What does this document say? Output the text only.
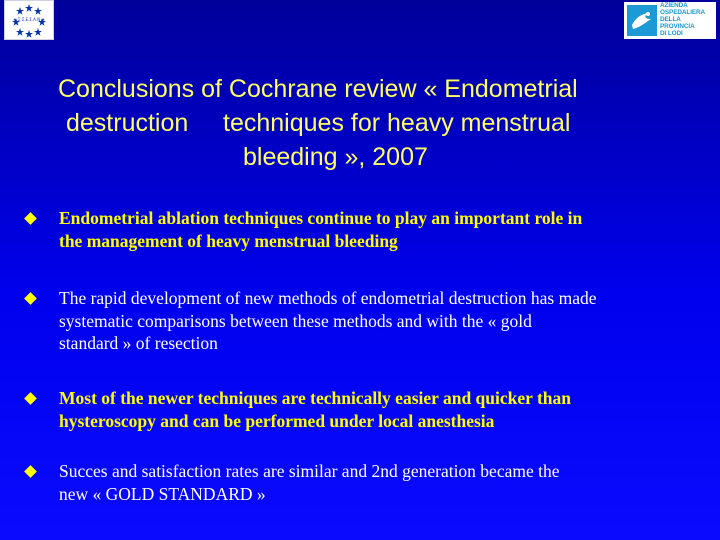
★ Σ.Σ.Ε.Σ.Α.Ν ★
AZIENDA
OSPEDALIERA
DELLA
PROVINCIA
DI LODI
Conclusions of Cochrane review « Endometrial
destruction     techniques for heavy menstrual
bleeding », 2007
Endometrial ablation techniques continue to play an important role in
the management of heavy menstrual bleeding
The rapid development of new methods of endometrial destruction has made
systematic comparisons between these methods and with the « gold
standard » of resection
Most of the newer techniques are technically easier and quicker than
hysteroscopy and can be performed under local anesthesia
Succes and satisfaction rates are similar and 2nd generation became the
new « GOLD STANDARD »
